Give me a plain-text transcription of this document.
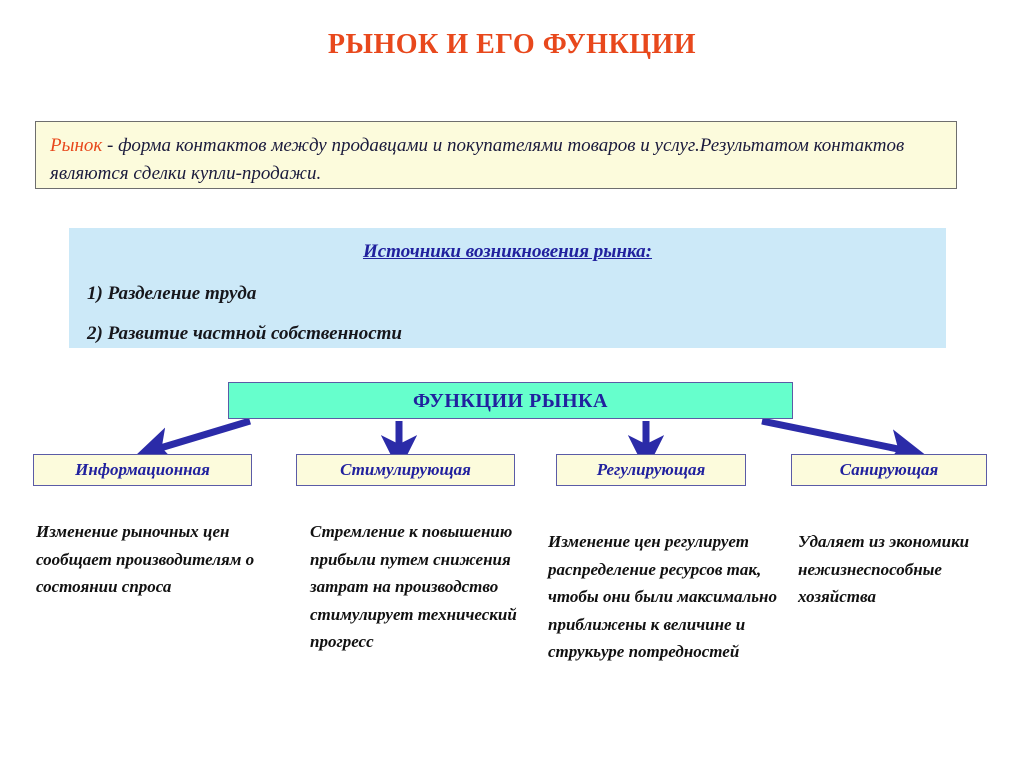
РЫНОК И ЕГО ФУНКЦИИ
Рынок - форма контактов между продавцами и покупателями товаров и услуг.Результатом контактов являются сделки купли-продажи.
Источники возникновения рынка:
1) Разделение труда
2) Развитие частной собственности
ФУНКЦИИ РЫНКА
Информационная	Стимулирующая	Регулирующая	Санирующая
Изменение рыночных цен сообщает производителям о состоянии спроса
Стремление к повышению прибыли путем снижения затрат на производство стимулирует технический прогресс
Изменение цен регулирует распределение ресурсов так, чтобы они были максимально приближены к величине и струкьуре потредностей
Удаляет из экономики нежизнеспособные хозяйства
